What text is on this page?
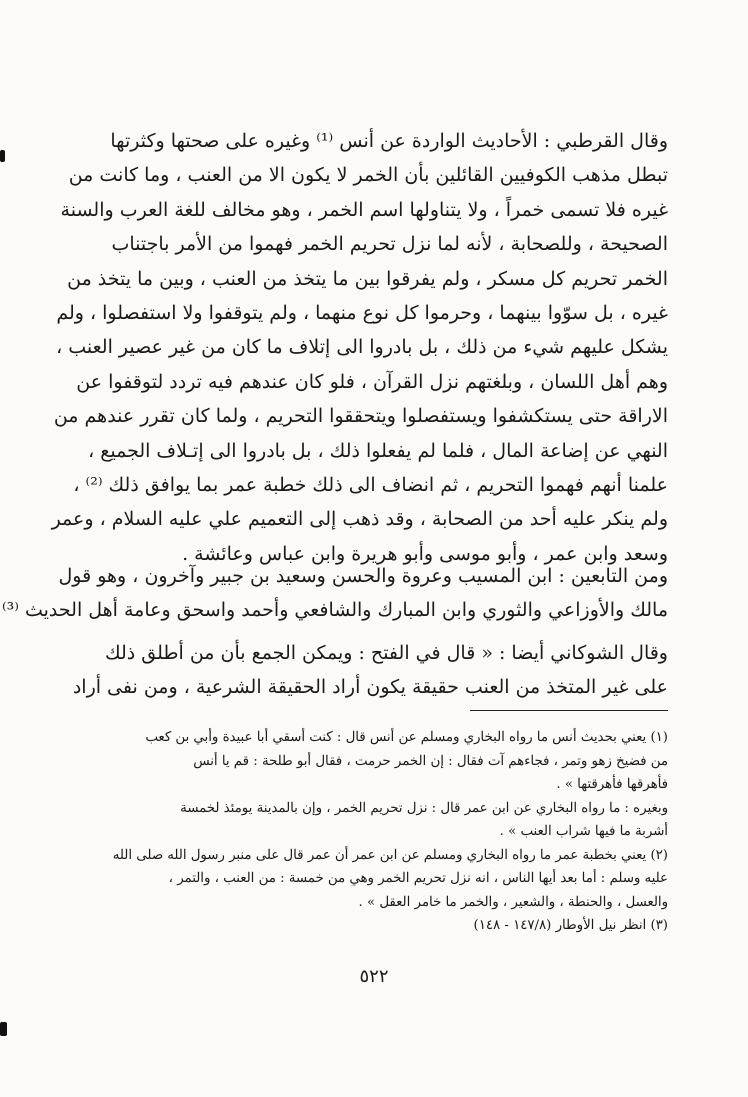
وقال القرطبي : الأحاديث الواردة عن أنس ⁽¹⁾ وغيره على صحتها وكثرتها
تبطل مذهب الكوفيين القائلين بأن الخمر لا يكون الا من العنب ، وما كانت من
غيره فلا تسمى خمراً ، ولا يتناولها اسم الخمر ، وهو مخالف للغة العرب والسنة
الصحيحة ، وللصحابة ، لأنه لما نزل تحريم الخمر فهموا من الأمر باجتناب
الخمر تحريم كل مسكر ، ولم يفرقوا بين ما يتخذ من العنب ، وبين ما يتخذ من
غيره ، بل سوّوا بينهما ، وحرموا كل نوع منهما ، ولم يتوقفوا ولا استفصلوا ، ولم
يشكل عليهم شيء من ذلك ، بل بادروا الى إتلاف ما كان من غير عصير العنب ،
وهم أهل اللسان ، وبلغتهم نزل القرآن ، فلو كان عندهم فيه تردد لتوقفوا عن
الاراقة حتى يستكشفوا ويستفصلوا ويتحققوا التحريم ، ولما كان تقرر عندهم من
النهي عن إضاعة المال ، فلما لم يفعلوا ذلك ، بل بادروا الى إتـلاف الجميع ،
علمنا أنهم فهموا التحريم ، ثم انضاف الى ذلك خطبة عمر بما يوافق ذلك ⁽²⁾ ،
ولم ينكر عليه أحد من الصحابة ، وقد ذهب إلى التعميم علي عليه السلام ، وعمر
وسعد وابن عمر ، وأبو موسى وأبو هريرة وابن عباس وعائشة .
ومن التابعين : ابن المسيب وعروة والحسن وسعيد بن جبير وآخرون ، وهو قول
مالك والأوزاعي والثوري وابن المبارك والشافعي وأحمد واسحق وعامة أهل الحديث ⁽³⁾
وقال الشوكاني أيضا : « قال في الفتح : ويمكن الجمع بأن من أطلق ذلك
على غير المتخذ من العنب حقيقة يكون أراد الحقيقة الشرعية ، ومن نفى أراد
(١) يعني بحديث أنس ما رواه البخاري ومسلم عن أنس قال : كنت أسقي أبا عبيدة وأبي بن كعب
من فضيخ زهو وتمر ، فجاءهم آت فقال : إن الخمر حرمت ، فقال أبو طلحة : قم يا أنس
فأهرقها فأهرقتها » .
وبغيره : ما رواه البخاري عن ابن عمر قال : نزل تحريم الخمر ، وإن بالمدينة يومئذ لخمسة
أشربة ما فيها شراب العنب » .
(٢) يعني بخطبة عمر ما رواه البخاري ومسلم عن ابن عمر أن عمر قال على منبر رسول الله صلى الله
عليه وسلم : أما بعد أيها الناس ، انه نزل تحريم الخمر وهي من خمسة : من العنب ، والتمر ،
والعسل ، والحنطة ، والشعير ، والخمر ما خامر العقل » .
(٣) انظر نيل الأوطار (١٤٧/٨ - ١٤٨)
٥٢٢
